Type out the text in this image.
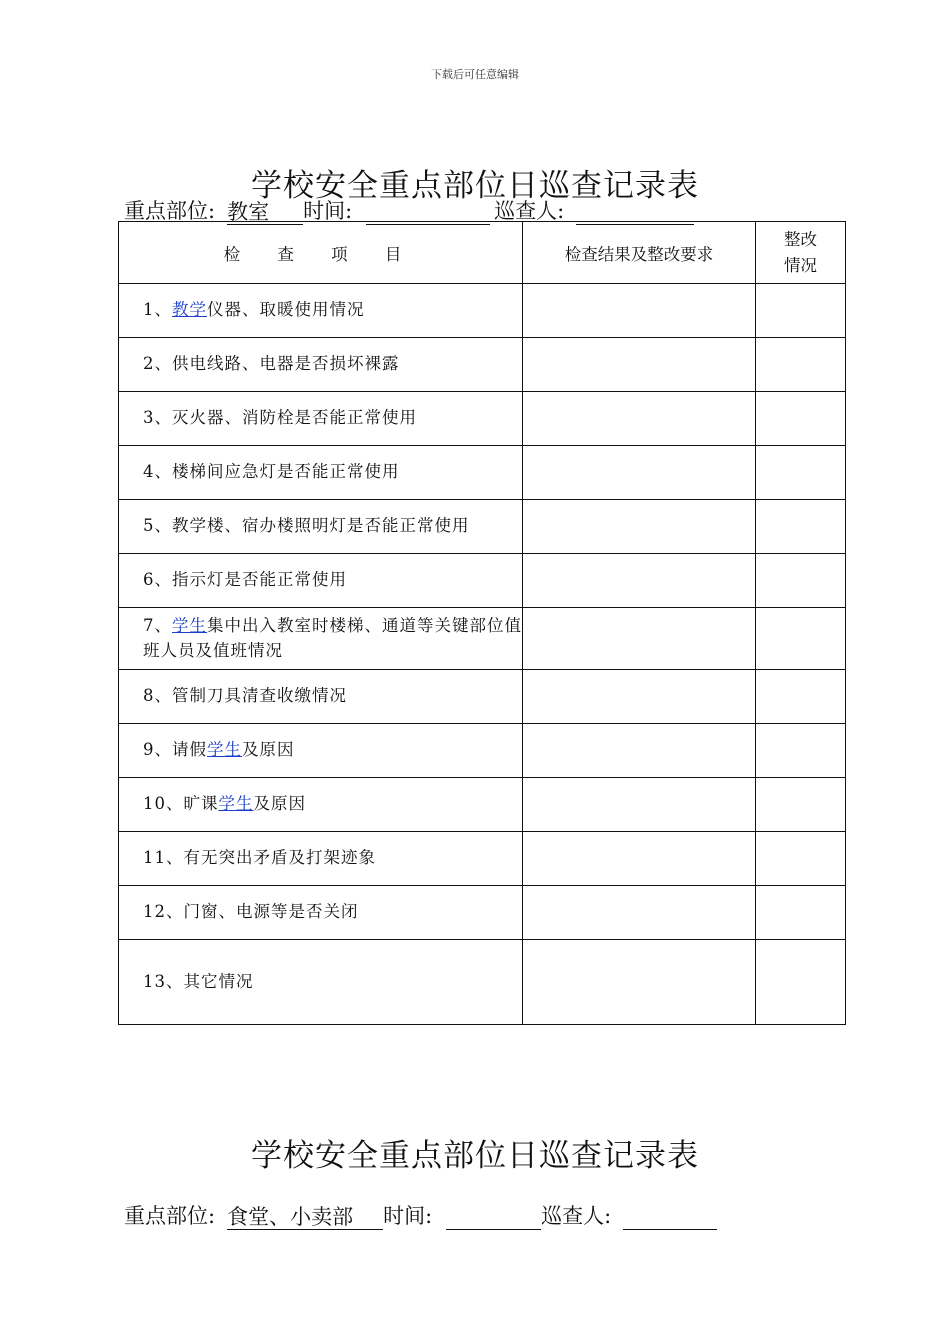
下载后可任意编辑
学校安全重点部位日巡查记录表
重点部位: 教室	时间:	巡查人:
检 查 项 目	检查结果及整改要求	整改
情况
1、教学仪器、取暖使用情况		
2、供电线路、电器是否损坏裸露		
3、灭火器、消防栓是否能正常使用		
4、楼梯间应急灯是否能正常使用		
5、教学楼、宿办楼照明灯是否能正常使用		
6、指示灯是否能正常使用		
7、学生集中出入教室时楼梯、通道等关键部位值班人员及值班情况		
8、管制刀具清查收缴情况		
9、请假学生及原因		
10、旷课学生及原因		
11、有无突出矛盾及打架迹象		
12、门窗、电源等是否关闭		
13、其它情况		
学校安全重点部位日巡查记录表
重点部位: 食堂、小卖部	时间:	巡查人:
